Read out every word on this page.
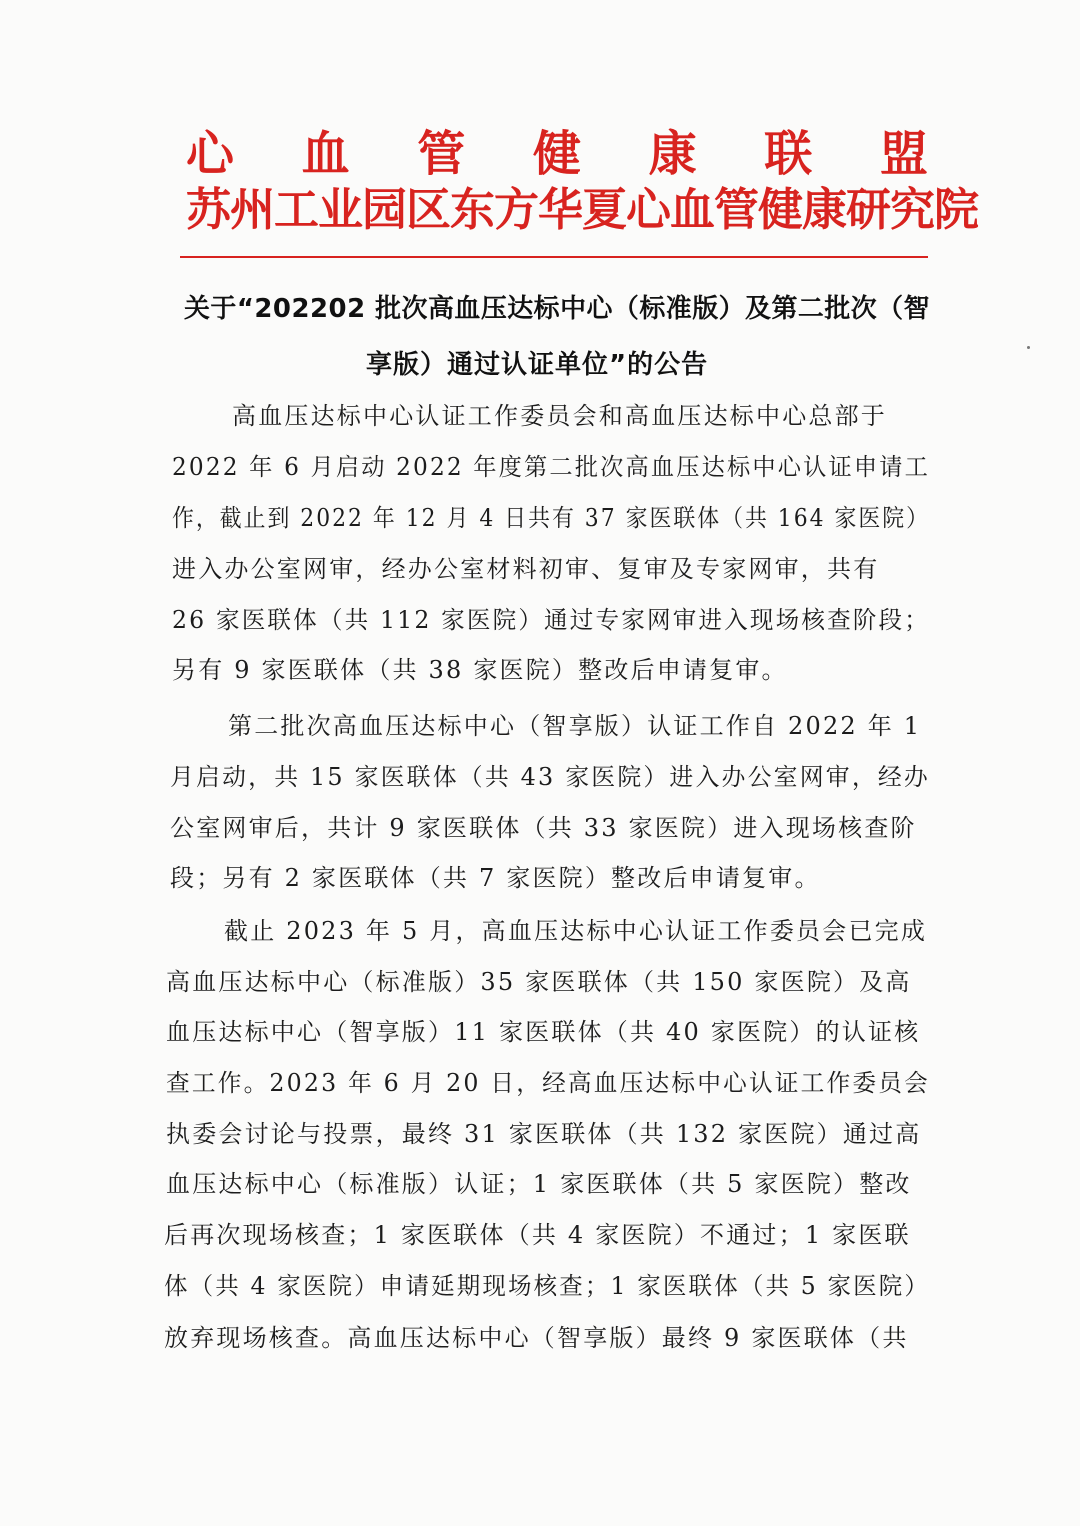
心 血 管 健 康 联 盟
苏州工业园区东方华夏心血管健康研究院
关于“202202 批次高血压达标中心（标准版）及第二批次（智
享版）通过认证单位”的公告
高血压达标中心认证工作委员会和高血压达标中心总部于
2022 年 6 月启动 2022 年度第二批次高血压达标中心认证申请工
作，截止到 2022 年 12 月 4 日共有 37 家医联体（共 164 家医院）
进入办公室网审，经办公室材料初审、复审及专家网审，共有
26 家医联体（共 112 家医院）通过专家网审进入现场核查阶段；
另有 9 家医联体（共 38 家医院）整改后申请复审。
第二批次高血压达标中心（智享版）认证工作自 2022 年 1
月启动，共 15 家医联体（共 43 家医院）进入办公室网审，经办
公室网审后，共计 9 家医联体（共 33 家医院）进入现场核查阶
段；另有 2 家医联体（共 7 家医院）整改后申请复审。
截止 2023 年 5 月，高血压达标中心认证工作委员会已完成
高血压达标中心（标准版）35 家医联体（共 150 家医院）及高
血压达标中心（智享版）11 家医联体（共 40 家医院）的认证核
查工作。2023 年 6 月 20 日，经高血压达标中心认证工作委员会
执委会讨论与投票，最终 31 家医联体（共 132 家医院）通过高
血压达标中心（标准版）认证；1 家医联体（共 5 家医院）整改
后再次现场核查；1 家医联体（共 4 家医院）不通过；1 家医联
体（共 4 家医院）申请延期现场核查；1 家医联体（共 5 家医院）
放弃现场核查。高血压达标中心（智享版）最终 9 家医联体（共
